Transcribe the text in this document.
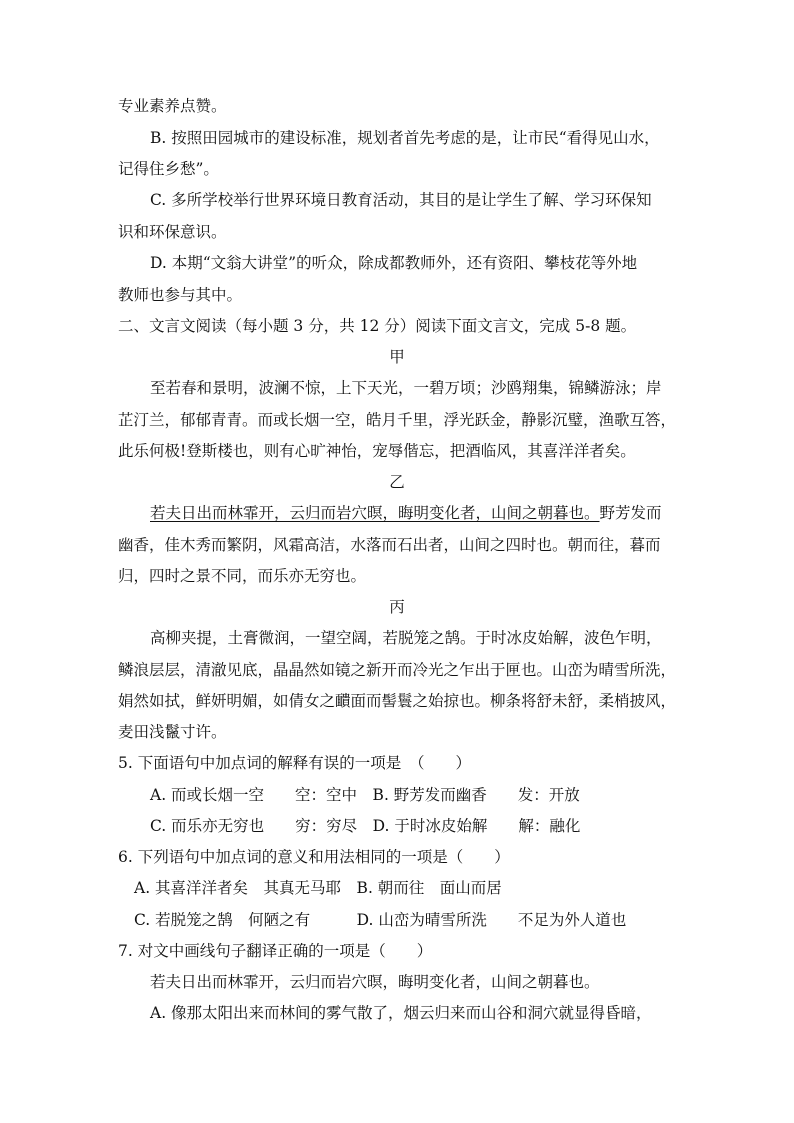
专业素养点赞。
B. 按照田园城市的建设标准，规划者首先考虑的是，让市民“看得见山水，
记得住乡愁”。
C. 多所学校举行世界环境日教育活动，其目的是让学生了解、学习环保知
识和环保意识。
D. 本期“文翁大讲堂”的听众，除成都教师外，还有资阳、攀枝花等外地
教师也参与其中。
二、文言文阅读（每小题 3 分，共 12 分）阅读下面文言文，完成 5-8 题。
甲
至若春和景明，波澜不惊，上下天光，一碧万顷；沙鸥翔集，锦鳞游泳；岸
芷汀兰，郁郁青青。而或长烟一空，皓月千里，浮光跃金，静影沉璧，渔歌互答，
此乐何极!登斯楼也，则有心旷神怡，宠辱偕忘，把酒临风，其喜洋洋者矣。
乙
若夫日出而林霏开，云归而岩穴暝，晦明变化者，山间之朝暮也。野芳发而
幽香，佳木秀而繁阴，风霜高洁，水落而石出者，山间之四时也。朝而往，暮而
归，四时之景不同，而乐亦无穷也。
丙
高柳夹提，土膏微润，一望空阔，若脱笼之鹄。于时冰皮始解，波色乍明，
鳞浪层层，清澈见底，晶晶然如镜之新开而冷光之乍出于匣也。山峦为晴雪所洗，
娟然如拭，鲜妍明媚，如倩女之靧面而髻鬟之始掠也。柳条将舒未舒，柔梢披风，
麦田浅鬣寸许。
5. 下面语句中加点词的解释有误的一项是　（　　）
A. 而或长烟一空　　空：空中　B. 野芳发而幽香　　发：开放
C. 而乐亦无穷也　　穷：穷尽　D. 于时冰皮始解　　解：融化
6. 下列语句中加点词的意义和用法相同的一项是（　　）
A. 其喜洋洋者矣　其真无马耶　B. 朝而往　面山而居
C. 若脱笼之鹄　何陋之有　　　D. 山峦为晴雪所洗　　不足为外人道也
7. 对文中画线句子翻译正确的一项是（　　）
若夫日出而林霏开，云归而岩穴暝，晦明变化者，山间之朝暮也。
A. 像那太阳出来而林间的雾气散了，烟云归来而山谷和洞穴就显得昏暗，
